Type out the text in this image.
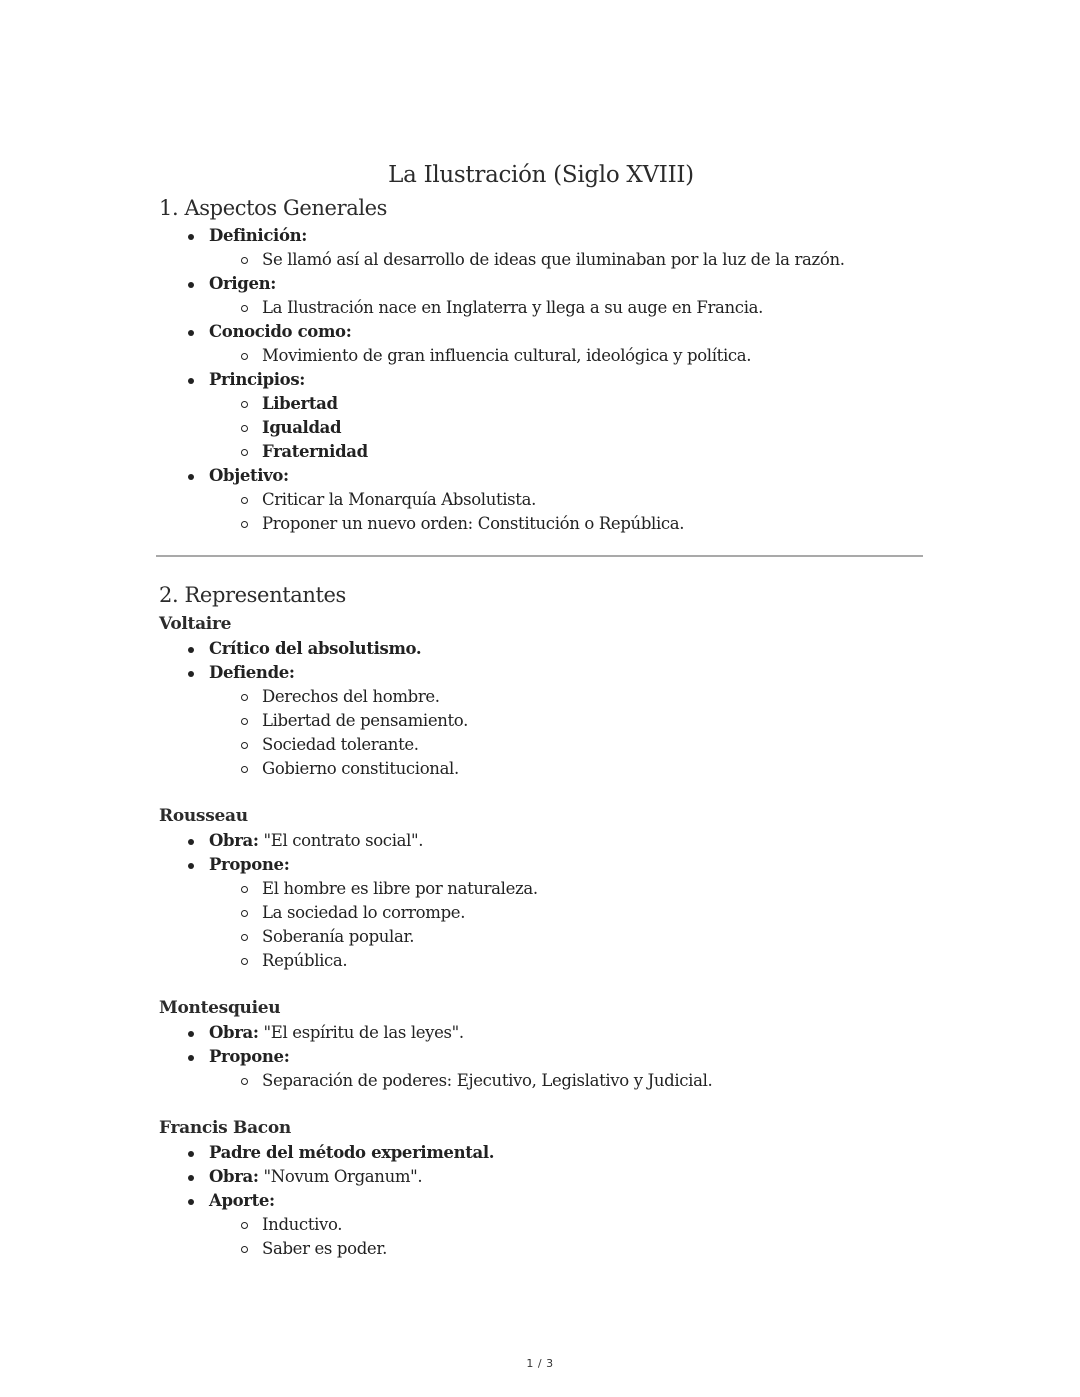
La Ilustración (Siglo XVIII)
1. Aspectos Generales
Definición:
Se llamó así al desarrollo de ideas que iluminaban por la luz de la razón.
Origen:
La Ilustración nace en Inglaterra y llega a su auge en Francia.
Conocido como:
Movimiento de gran influencia cultural, ideológica y política.
Principios:
Libertad
Igualdad
Fraternidad
Objetivo:
Criticar la Monarquía Absolutista.
Proponer un nuevo orden: Constitución o República.
2. Representantes
Voltaire
Crítico del absolutismo.
Defiende:
Derechos del hombre.
Libertad de pensamiento.
Sociedad tolerante.
Gobierno constitucional.
Rousseau
Obra: "El contrato social".
Propone:
El hombre es libre por naturaleza.
La sociedad lo corrompe.
Soberanía popular.
República.
Montesquieu
Obra: "El espíritu de las leyes".
Propone:
Separación de poderes: Ejecutivo, Legislativo y Judicial.
Francis Bacon
Padre del método experimental.
Obra: "Novum Organum".
Aporte:
Inductivo.
Saber es poder.
1 / 3
